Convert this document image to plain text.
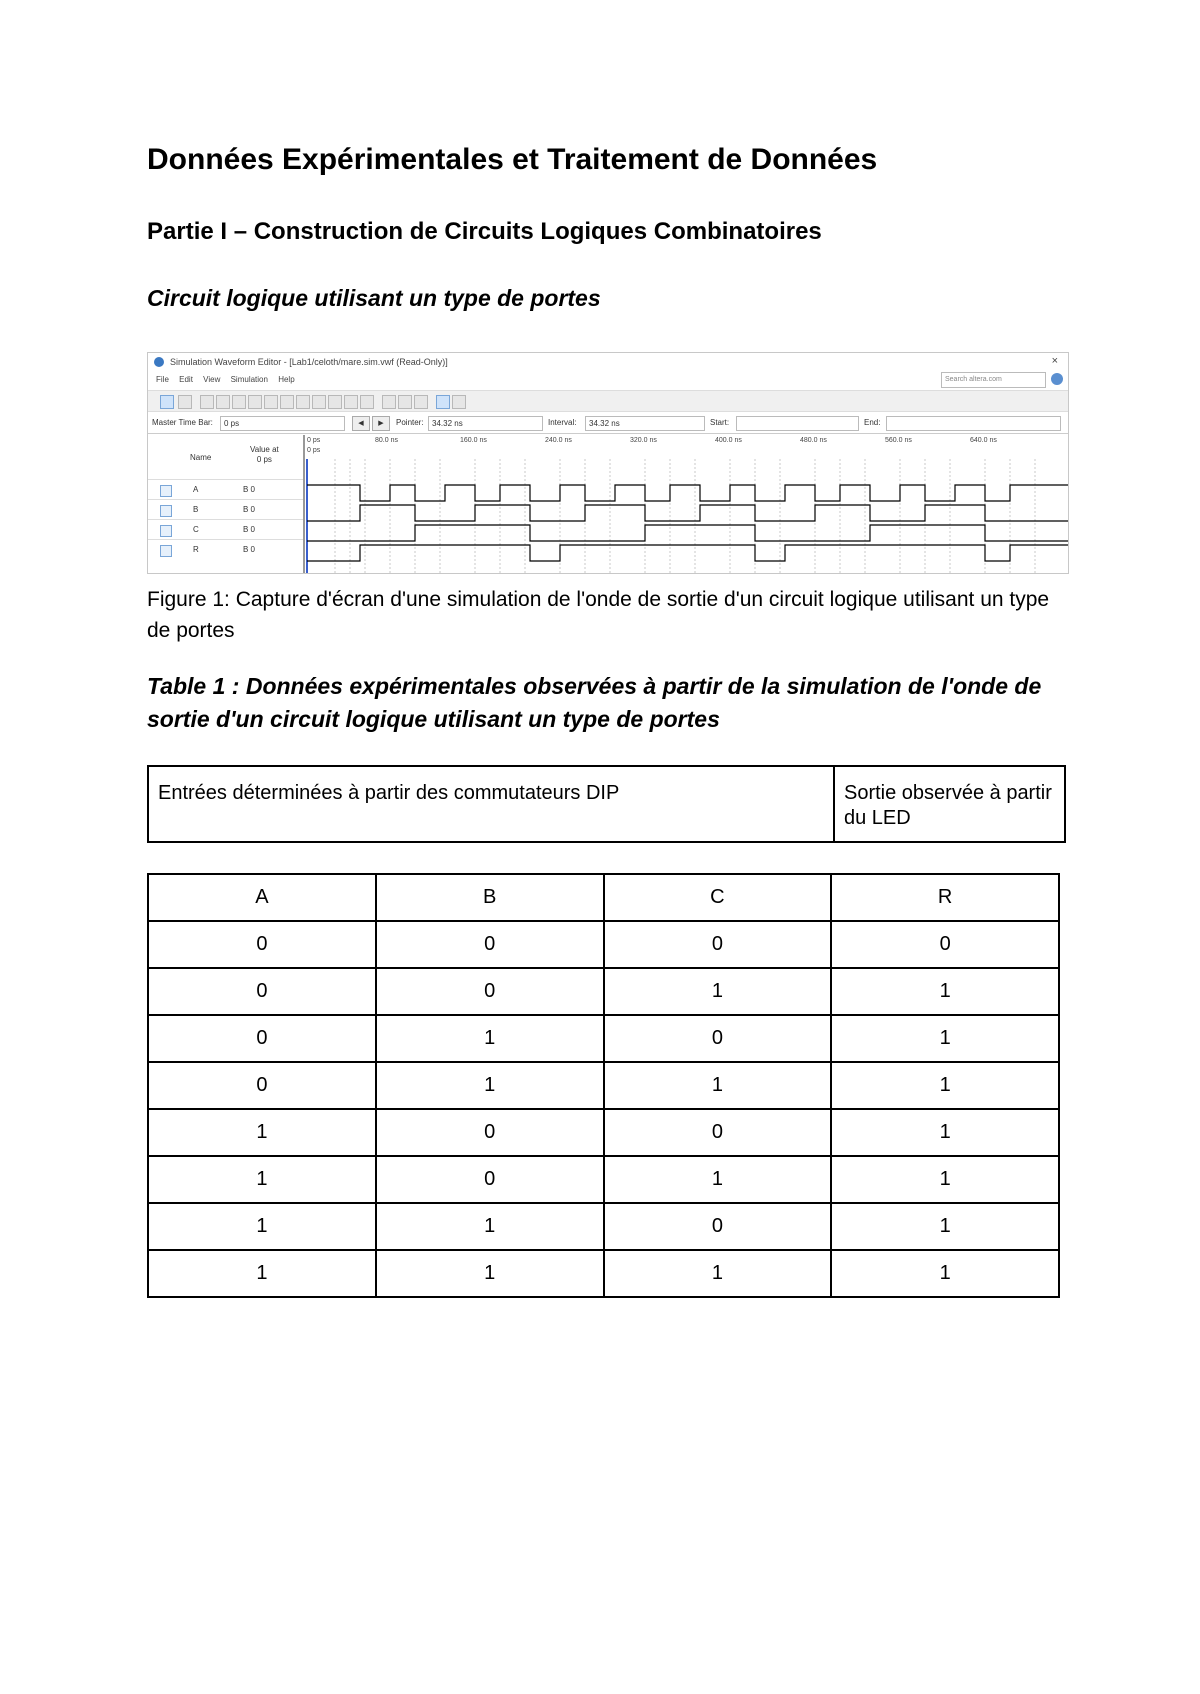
Données Expérimentales et Traitement de Données
Partie I – Construction de Circuits Logiques Combinatoires
Circuit logique utilisant un type de portes
Simulation Waveform Editor - [Lab1/celoth/mare.sim.vwf (Read-Only)]	×
File Edit View Simulation Help	Search altera.com
Master Time Bar:	0 ps	◀	▶	Pointer:	34.32 ns	Interval:	34.32 ns	Start:	End:
Name
Value at
0 ps
A	B 0
B	B 0
C	B 0
R	B 0
0 ps	80.0 ns	160.0 ns	240.0 ns	320.0 ns	400.0 ns	480.0 ns	560.0 ns	640.0 ns
0 ps

Figure 1: Capture d'écran d'une simulation de l'onde de sortie d'un circuit logique utilisant un type de portes

Table 1 : Données expérimentales observées à partir de la simulation de l'onde de sortie d'un circuit logique utilisant un type de portes

Entrées déterminées à partir des commutateurs DIP	Sortie observée à partir du LED
A	B	C	R
0	0	0	0
0	0	1	1
0	1	0	1
0	1	1	1
1	0	0	1
1	0	1	1
1	1	0	1
1	1	1	1
